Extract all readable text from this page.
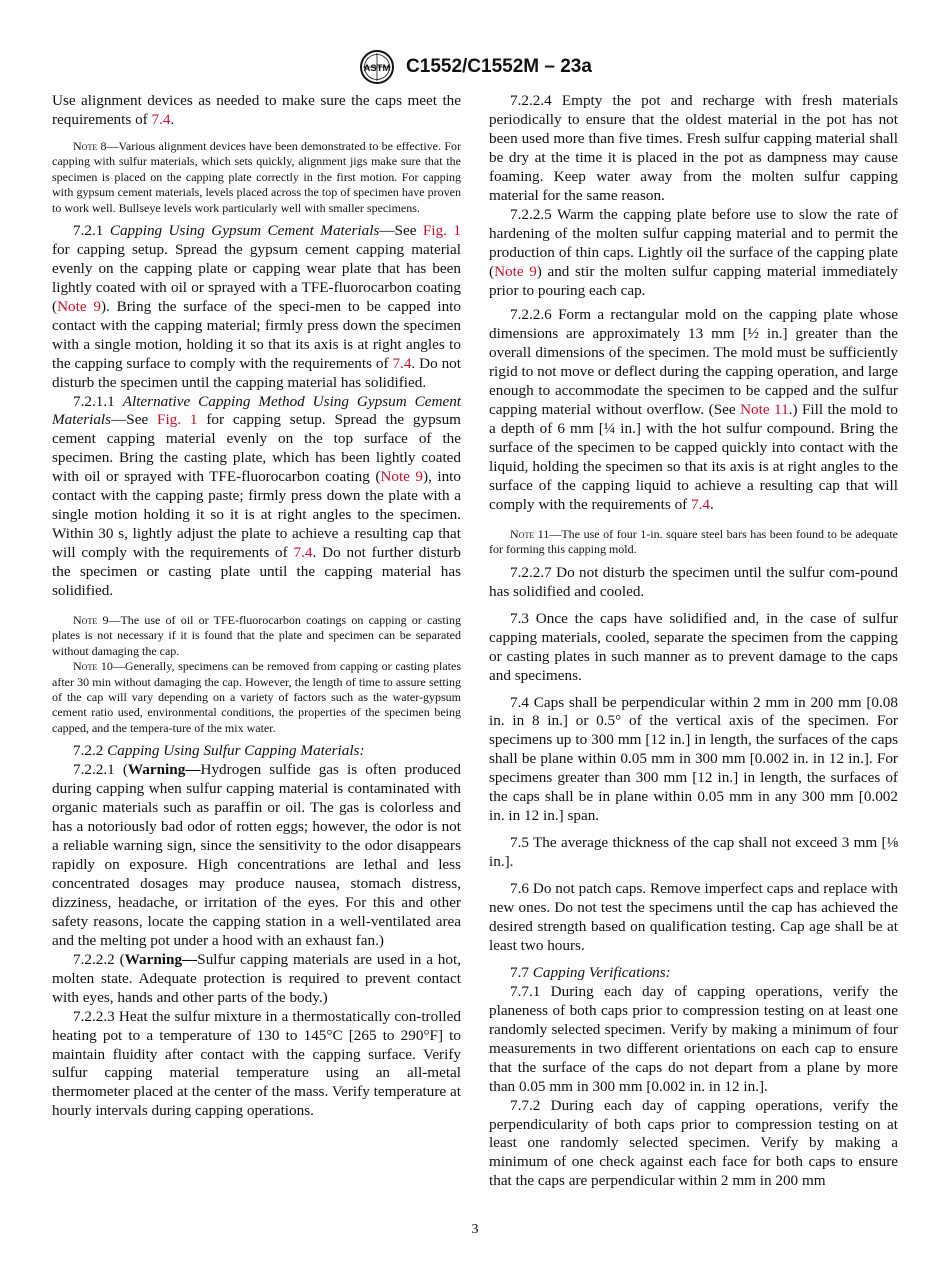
ASTM C1552/C1552M – 23a

Use alignment devices as needed to make sure the caps meet the requirements of 7.4.

Note 8—Various alignment devices have been demonstrated to be effective. For capping with sulfur materials, which sets quickly, alignment jigs make sure that the specimen is placed on the capping plate correctly in the first motion. For capping with gypsum cement materials, levels placed across the top of specimen have proven to work well. Bullseye levels work particularly well with smaller specimens.

7.2.1 Capping Using Gypsum Cement Materials—See Fig. 1 for capping setup. Spread the gypsum cement capping material evenly on the capping plate or capping wear plate that has been lightly coated with oil or sprayed with a TFE-fluorocarbon coating (Note 9). Bring the surface of the speci-men to be capped into contact with the capping material; firmly press down the specimen with a single motion, holding it so that its axis is at right angles to the capping surface to comply with the requirements of 7.4. Do not disturb the specimen until the capping material has solidified.

7.2.1.1 Alternative Capping Method Using Gypsum Cement Materials—See Fig. 1 for capping setup. Spread the gypsum cement capping material evenly on the top surface of the specimen. Bring the casting plate, which has been lightly coated with oil or sprayed with TFE-fluorocarbon coating (Note 9), into contact with the capping paste; firmly press down the plate with a single motion holding it so it is at right angles to the specimen. Within 30 s, lightly adjust the plate to achieve a resulting cap that will comply with the requirements of 7.4. Do not further disturb the specimen or casting plate until the capping material has solidified.

Note 9—The use of oil or TFE-fluorocarbon coatings on capping or casting plates is not necessary if it is found that the plate and specimen can be separated without damaging the cap.

Note 10—Generally, specimens can be removed from capping or casting plates after 30 min without damaging the cap. However, the length of time to assure setting of the cap will vary depending on a variety of factors such as the water-gypsum cement ratio used, environmental conditions, the properties of the specimen being capped, and the tempera-ture of the mix water.

7.2.2 Capping Using Sulfur Capping Materials:

7.2.2.1 (Warning—Hydrogen sulfide gas is often produced during capping when sulfur capping material is contaminated with organic materials such as paraffin or oil. The gas is colorless and has a notoriously bad odor of rotten eggs; however, the odor is not a reliable warning sign, since the sensitivity to the odor disappears rapidly on exposure. High concentrations are lethal and less concentrated dosages may produce nausea, stomach distress, dizziness, headache, or irritation of the eyes. For this and other safety reasons, locate the capping station in a well-ventilated area and the melting pot under a hood with an exhaust fan.)

7.2.2.2 (Warning—Sulfur capping materials are used in a hot, molten state. Adequate protection is required to prevent contact with eyes, hands and other parts of the body.)

7.2.2.3 Heat the sulfur mixture in a thermostatically con-trolled heating pot to a temperature of 130 to 145°C [265 to 290°F] to maintain fluidity after contact with the capping surface. Verify sulfur capping material temperature using an all-metal thermometer placed at the center of the mass. Verify temperature at hourly intervals during capping operations.

7.2.2.4 Empty the pot and recharge with fresh materials periodically to ensure that the oldest material in the pot has not been used more than five times. Fresh sulfur capping material shall be dry at the time it is placed in the pot as dampness may cause foaming. Keep water away from the molten sulfur capping material for the same reason.

7.2.2.5 Warm the capping plate before use to slow the rate of hardening of the molten sulfur capping material and to permit the production of thin caps. Lightly oil the surface of the capping plate (Note 9) and stir the molten sulfur capping material immediately prior to pouring each cap.

7.2.2.6 Form a rectangular mold on the capping plate whose dimensions are approximately 13 mm [½ in.] greater than the overall dimensions of the specimen. The mold must be sufficiently rigid to not move or deflect during the capping operation, and large enough to accommodate the specimen to be capped and the sulfur capping material without overflow. (See Note 11.) Fill the mold to a depth of 6 mm [¼ in.] with the hot sulfur compound. Bring the surface of the specimen to be capped quickly into contact with the liquid, holding the specimen so that its axis is at right angles to the surface of the capping liquid to achieve a resulting cap that will comply with the requirements of 7.4.

Note 11—The use of four 1-in. square steel bars has been found to be adequate for forming this capping mold.

7.2.2.7 Do not disturb the specimen until the sulfur com-pound has solidified and cooled.

7.3 Once the caps have solidified and, in the case of sulfur capping materials, cooled, separate the specimen from the capping or casting plates in such manner as to prevent damage to the caps and specimens.

7.4 Caps shall be perpendicular within 2 mm in 200 mm [0.08 in. in 8 in.] or 0.5° of the vertical axis of the specimen. For specimens up to 300 mm [12 in.] in length, the surfaces of the caps shall be plane within 0.05 mm in 300 mm [0.002 in. in 12 in.]. For specimens greater than 300 mm [12 in.] in length, the surfaces of the caps shall be in plane within 0.05 mm in any 300 mm [0.002 in. in 12 in.] span.

7.5 The average thickness of the cap shall not exceed 3 mm [⅛ in.].

7.6 Do not patch caps. Remove imperfect caps and replace with new ones. Do not test the specimens until the cap has achieved the desired strength based on qualification testing. Cap age shall be at least two hours.

7.7 Capping Verifications:

7.7.1 During each day of capping operations, verify the planeness of both caps prior to compression testing on at least one randomly selected specimen. Verify by making a minimum of four measurements in two different orientations on each cap to ensure that the surface of the caps do not depart from a plane by more than 0.05 mm in 300 mm [0.002 in. in 12 in.].

7.7.2 During each day of capping operations, verify the perpendicularity of both caps prior to compression testing on at least one randomly selected specimen. Verify by making a minimum of one check against each face for both caps to ensure that the caps are perpendicular within 2 mm in 200 mm

3
